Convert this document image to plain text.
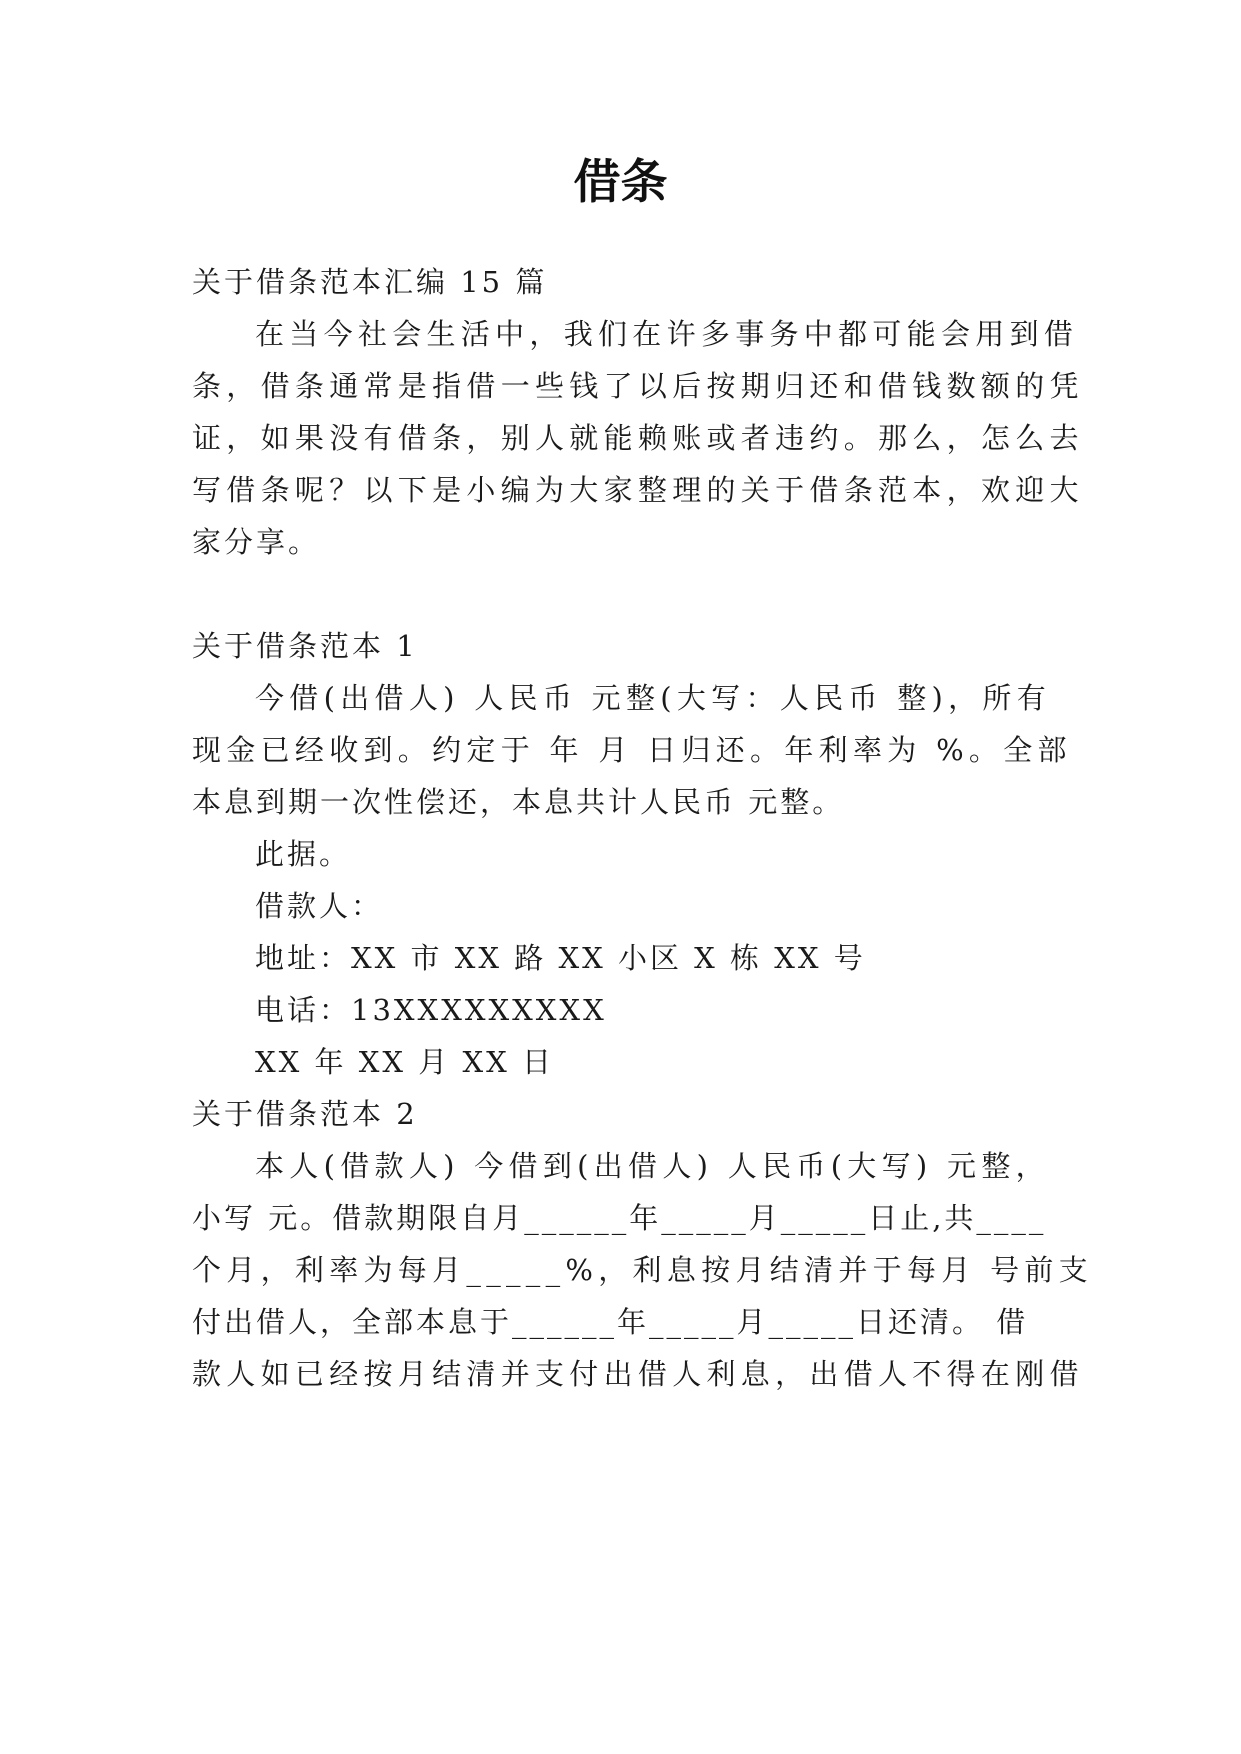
借条

关于借条范本汇编 15 篇

在当今社会生活中，我们在许多事务中都可能会用到借

条，借条通常是指借一些钱了以后按期归还和借钱数额的凭

证，如果没有借条，别人就能赖账或者违约。那么，怎么去

写借条呢？以下是小编为大家整理的关于借条范本，欢迎大

家分享。

关于借条范本 1

今借(出借人) 人民币 元整(大写：人民币 整)，所有

现金已经收到。约定于 年 月 日归还。年利率为 %。全部

本息到期一次性偿还，本息共计人民币 元整。

此据。

借款人：

地址：XX 市 XX 路 XX 小区 X 栋 XX 号

电话：13XXXXXXXXX

XX 年 XX 月 XX 日

关于借条范本 2

本人(借款人) 今借到(出借人) 人民币(大写) 元整，

小写 元。借款期限自月______年_____月_____日止,共____

个月，利率为每月_____%，利息按月结清并于每月 号前支

付出借人，全部本息于______年_____月_____日还清。 借

款人如已经按月结清并支付出借人利息，出借人不得在刚借
